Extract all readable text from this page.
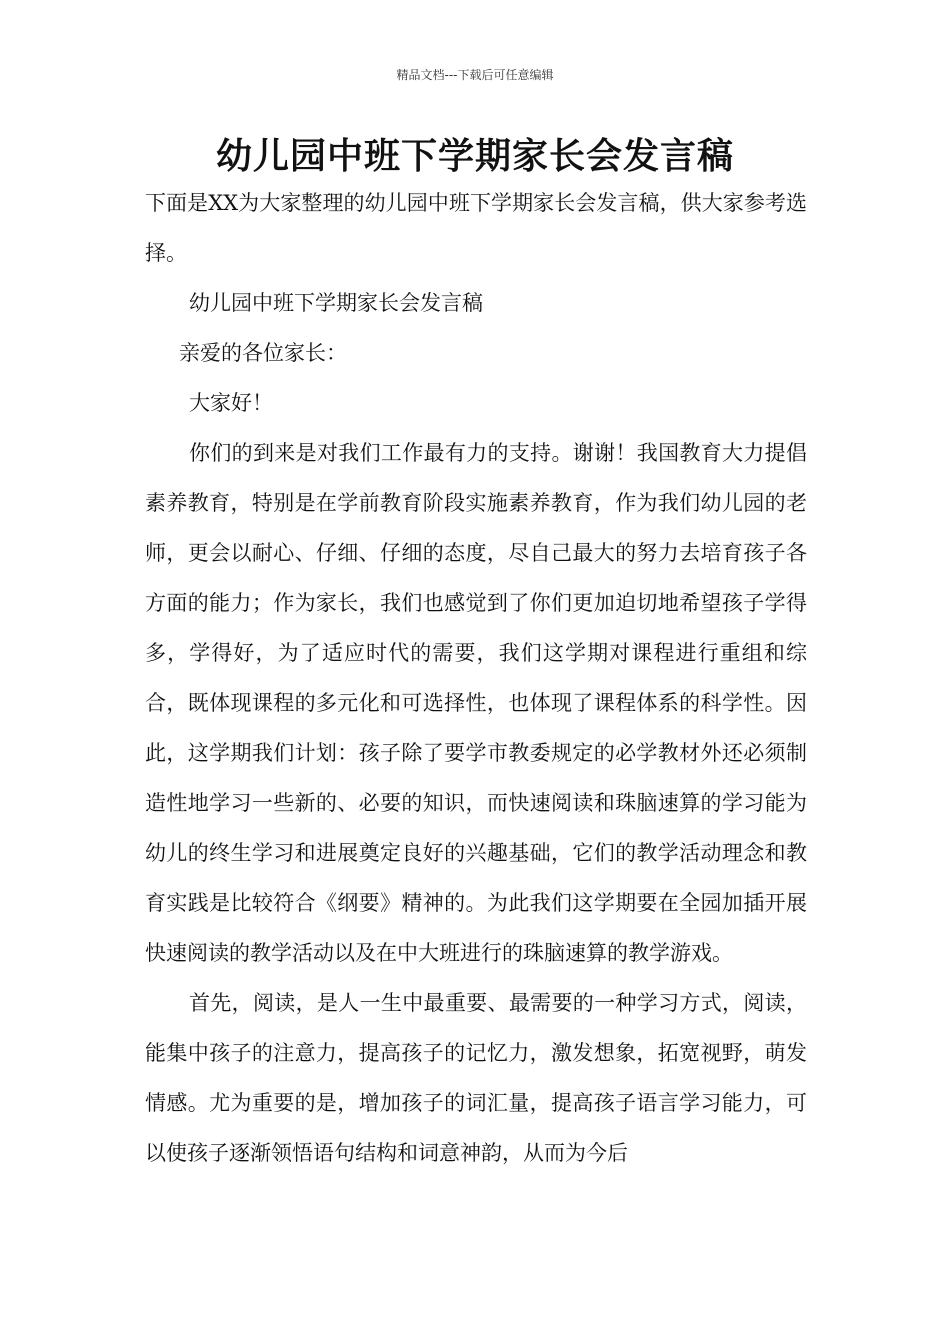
精品文档---下载后可任意编辑
幼儿园中班下学期家长会发言稿

下面是XX为大家整理的幼儿园中班下学期家长会发言稿，供大家参考选择。

幼儿园中班下学期家长会发言稿

亲爱的各位家长：

大家好！

你们的到来是对我们工作最有力的支持。谢谢！我国教育大力提倡素养教育，特别是在学前教育阶段实施素养教育，作为我们幼儿园的老师，更会以耐心、仔细、仔细的态度，尽自己最大的努力去培育孩子各方面的能力；作为家长，我们也感觉到了你们更加迫切地希望孩子学得多，学得好，为了适应时代的需要，我们这学期对课程进行重组和综合，既体现课程的多元化和可选择性，也体现了课程体系的科学性。因此，这学期我们计划：孩子除了要学市教委规定的必学教材外还必须制造性地学习一些新的、必要的知识，而快速阅读和珠脑速算的学习能为幼儿的终生学习和进展奠定良好的兴趣基础，它们的教学活动理念和教育实践是比较符合《纲要》精神的。为此我们这学期要在全园加插开展快速阅读的教学活动以及在中大班进行的珠脑速算的教学游戏。

首先，阅读，是人一生中最重要、最需要的一种学习方式，阅读，能集中孩子的注意力，提高孩子的记忆力，激发想象，拓宽视野，萌发情感。尤为重要的是，增加孩子的词汇量，提高孩子语言学习能力，可以使孩子逐渐领悟语句结构和词意神韵，从而为今后
